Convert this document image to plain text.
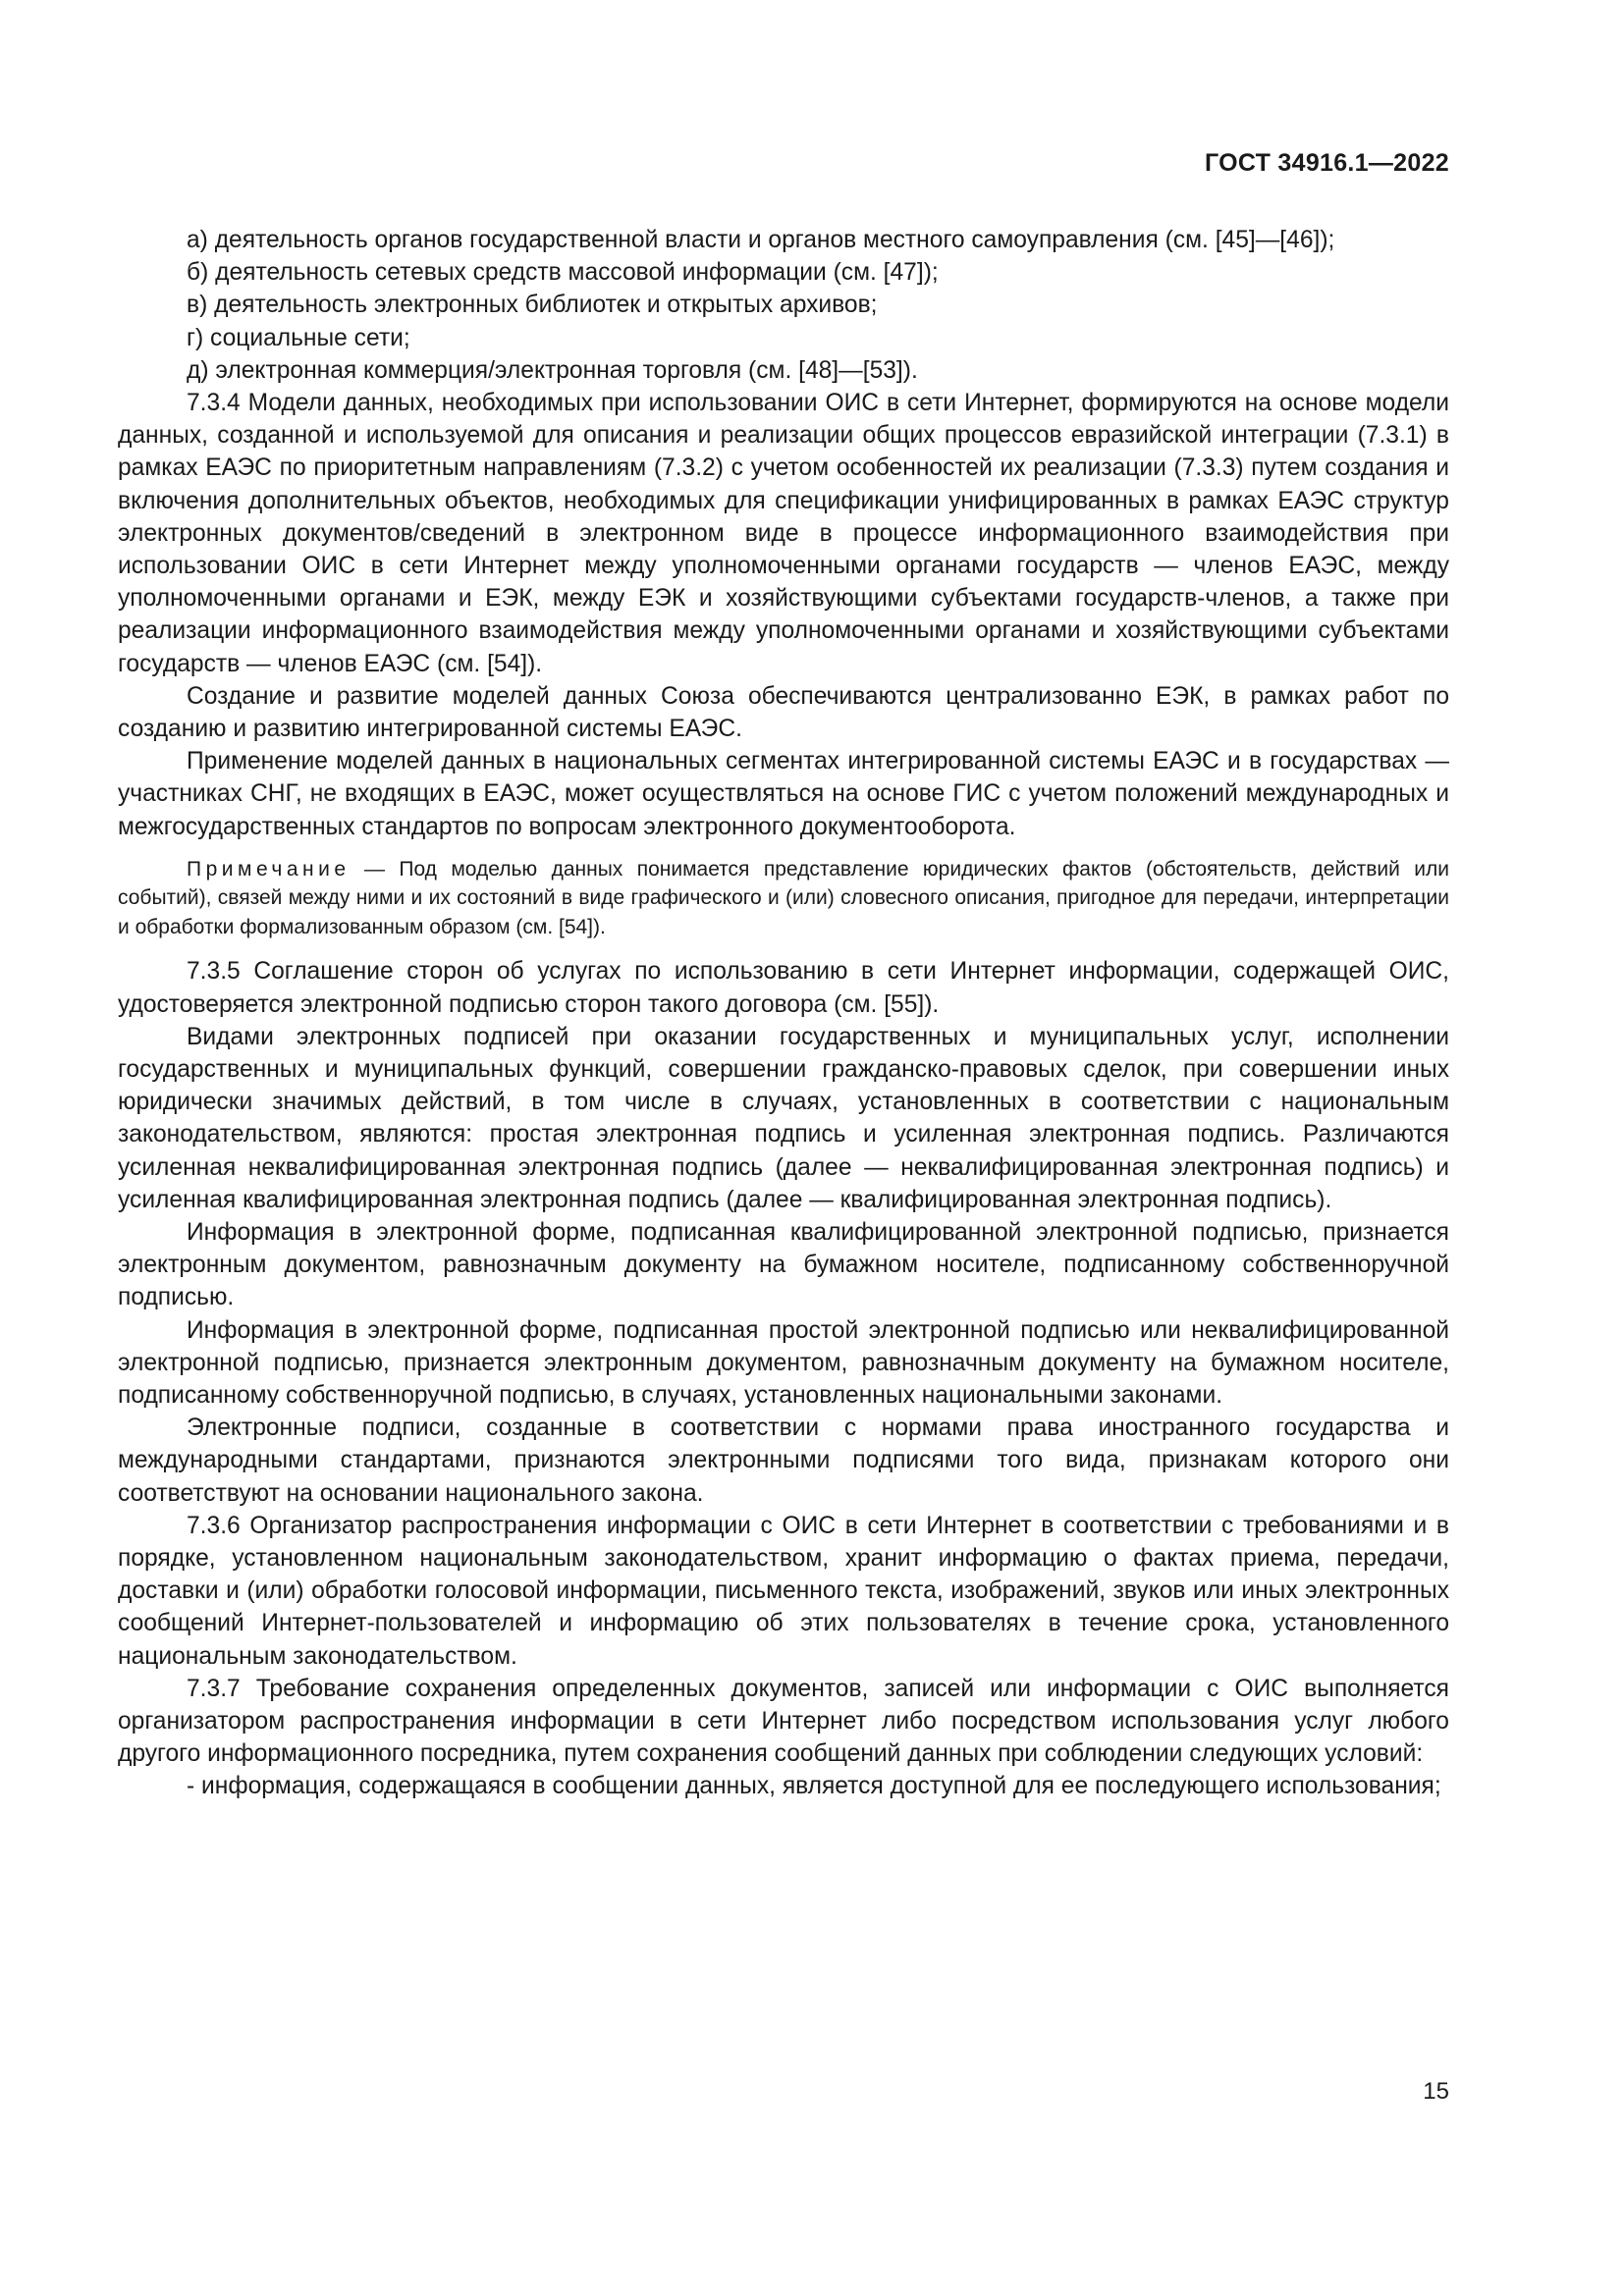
ГОСТ 34916.1—2022

а) деятельность органов государственной власти и органов местного самоуправления (см. [45]—[46]);

б) деятельность сетевых средств массовой информации (см. [47]);

в) деятельность электронных библиотек и открытых архивов;

г) социальные сети;

д) электронная коммерция/электронная торговля (см. [48]—[53]).

7.3.4 Модели данных, необходимых при использовании ОИС в сети Интернет, формируются на основе модели данных, созданной и используемой для описания и реализации общих процессов евразийской интеграции (7.3.1) в рамках ЕАЭС по приоритетным направлениям (7.3.2) с учетом особенностей их реализации (7.3.3) путем создания и включения дополнительных объектов, необходимых для спецификации унифицированных в рамках ЕАЭС структур электронных документов/сведений в электронном виде в процессе информационного взаимодействия при использовании ОИС в сети Интернет между уполномоченными органами государств — членов ЕАЭС, между уполномоченными органами и ЕЭК, между ЕЭК и хозяйствующими субъектами государств-членов, а также при реализации информационного взаимодействия между уполномоченными органами и хозяйствующими субъектами государств — членов ЕАЭС (см. [54]).

Создание и развитие моделей данных Союза обеспечиваются централизованно ЕЭК, в рамках работ по созданию и развитию интегрированной системы ЕАЭС.

Применение моделей данных в национальных сегментах интегрированной системы ЕАЭС и в государствах — участниках СНГ, не входящих в ЕАЭС, может осуществляться на основе ГИС с учетом положений международных и межгосударственных стандартов по вопросам электронного документооборота.

Примечание — Под моделью данных понимается представление юридических фактов (обстоятельств, действий или событий), связей между ними и их состояний в виде графического и (или) словесного описания, пригодное для передачи, интерпретации и обработки формализованным образом (см. [54]).

7.3.5 Соглашение сторон об услугах по использованию в сети Интернет информации, содержащей ОИС, удостоверяется электронной подписью сторон такого договора (см. [55]).

Видами электронных подписей при оказании государственных и муниципальных услуг, исполнении государственных и муниципальных функций, совершении гражданско-правовых сделок, при совершении иных юридически значимых действий, в том числе в случаях, установленных в соответствии с национальным законодательством, являются: простая электронная подпись и усиленная электронная подпись. Различаются усиленная неквалифицированная электронная подпись (далее — неквалифицированная электронная подпись) и усиленная квалифицированная электронная подпись (далее — квалифицированная электронная подпись).

Информация в электронной форме, подписанная квалифицированной электронной подписью, признается электронным документом, равнозначным документу на бумажном носителе, подписанному собственноручной подписью.

Информация в электронной форме, подписанная простой электронной подписью или неквалифицированной электронной подписью, признается электронным документом, равнозначным документу на бумажном носителе, подписанному собственноручной подписью, в случаях, установленных национальными законами.

Электронные подписи, созданные в соответствии с нормами права иностранного государства и международными стандартами, признаются электронными подписями того вида, признакам которого они соответствуют на основании национального закона.

7.3.6 Организатор распространения информации с ОИС в сети Интернет в соответствии с требованиями и в порядке, установленном национальным законодательством, хранит информацию о фактах приема, передачи, доставки и (или) обработки голосовой информации, письменного текста, изображений, звуков или иных электронных сообщений Интернет-пользователей и информацию об этих пользователях в течение срока, установленного национальным законодательством.

7.3.7 Требование сохранения определенных документов, записей или информации с ОИС выполняется организатором распространения информации в сети Интернет либо посредством использования услуг любого другого информационного посредника, путем сохранения сообщений данных при соблюдении следующих условий:

- информация, содержащаяся в сообщении данных, является доступной для ее последующего использования;

15
